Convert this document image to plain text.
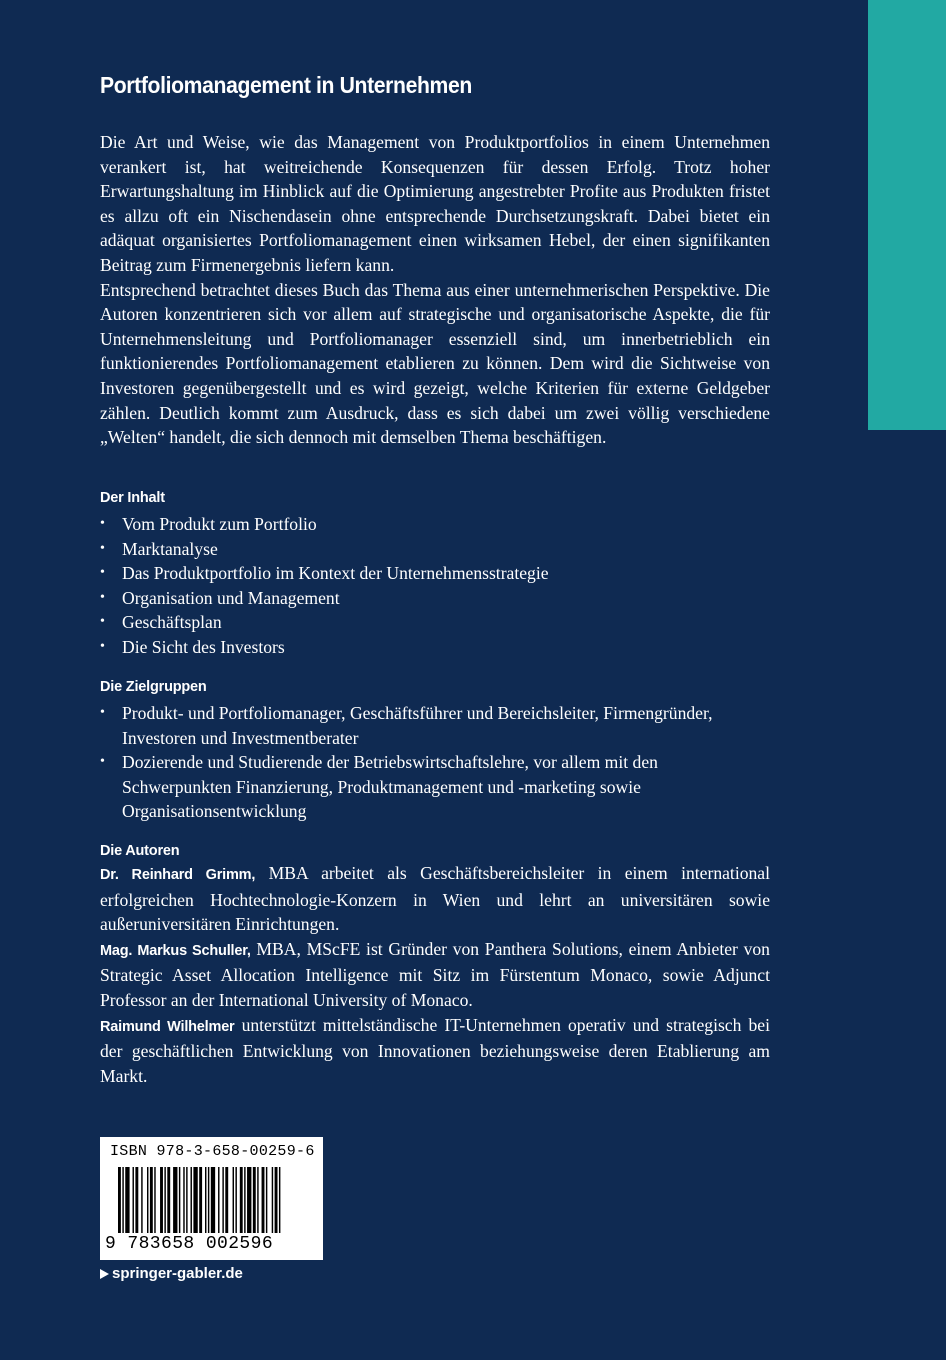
Portfoliomanagement in Unternehmen

Die Art und Weise, wie das Management von Produktportfolios in einem Unternehmen verankert ist, hat weitreichende Konsequenzen für dessen Erfolg. Trotz hoher Erwartungshaltung im Hinblick auf die Optimierung angestrebter Profite aus Produkten fristet es allzu oft ein Nischendasein ohne entsprechende Durchsetzungskraft. Dabei bietet ein adäquat organisiertes Portfoliomanagement einen wirksamen Hebel, der einen signifikanten Beitrag zum Firmenergebnis liefern kann.

Entsprechend betrachtet dieses Buch das Thema aus einer unternehmerischen Perspektive. Die Autoren konzentrieren sich vor allem auf strategische und organisatorische Aspekte, die für Unternehmensleitung und Portfoliomanager essenziell sind, um innerbetrieblich ein funktionierendes Portfoliomanagement etablieren zu können. Dem wird die Sichtweise von Investoren gegenübergestellt und es wird gezeigt, welche Kriterien für externe Geldgeber zählen. Deutlich kommt zum Ausdruck, dass es sich dabei um zwei völlig verschiedene „Welten“ handelt, die sich dennoch mit demselben Thema beschäftigen.

Der Inhalt
• Vom Produkt zum Portfolio
• Marktanalyse
• Das Produktportfolio im Kontext der Unternehmensstrategie
• Organisation und Management
• Geschäftsplan
• Die Sicht des Investors
Die Zielgruppen
• Produkt- und Portfoliomanager, Geschäftsführer und Bereichsleiter, Firmengründer, Investoren und Investmentberater
• Dozierende und Studierende der Betriebswirtschaftslehre, vor allem mit den Schwerpunkten Finanzierung, Produktmanagement und -marketing sowie Organisationsentwicklung
Die Autoren

Dr. Reinhard Grimm, MBA arbeitet als Geschäftsbereichsleiter in einem international erfolgreichen Hochtechnologie-Konzern in Wien und lehrt an universitären sowie außeruniversitären Einrichtungen.

Mag. Markus Schuller, MBA, MScFE ist Gründer von Panthera Solutions, einem Anbieter von Strategic Asset Allocation Intelligence mit Sitz im Fürstentum Monaco, sowie Adjunct Professor an der International University of Monaco.

Raimund Wilhelmer unterstützt mittelständische IT-Unternehmen operativ und strategisch bei der geschäftlichen Entwicklung von Innovationen beziehungsweise deren Etablierung am Markt.

ISBN 978-3-658-00259-6
9 783658 002596
springer-gabler.de
